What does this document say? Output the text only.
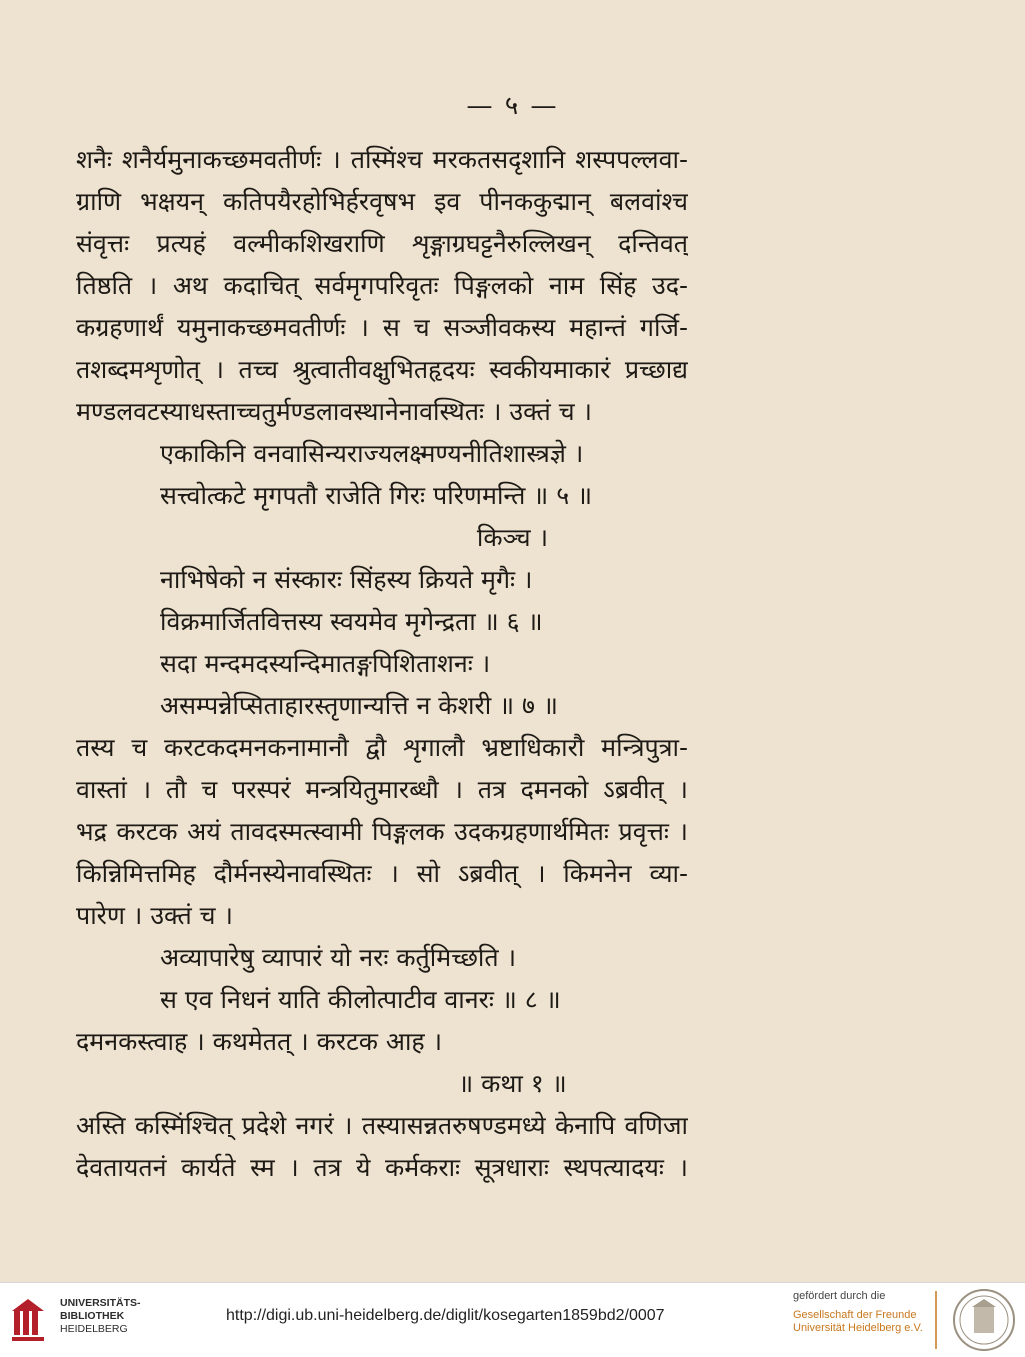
— ५ —
शनैः शनैर्यमुनाकच्छमवतीर्णः । तस्मिंश्च मरकतसदृशानि शस्पपल्लवा-
ग्राणि भक्षयन् कतिपयैरहोभिर्हरवृषभ इव पीनककुद्मान् बलवांश्च
संवृत्तः प्रत्यहं वल्मीकशिखराणि शृङ्गाग्रघट्टनैरुल्लिखन् दन्तिवत्
तिष्ठति । अथ कदाचित् सर्वमृगपरिवृतः पिङ्गलको नाम सिंह उद-
कग्रहणार्थं यमुनाकच्छमवतीर्णः । स च सञ्जीवकस्य महान्तं गर्जि-
तशब्दमशृणोत् । तच्च श्रुत्वातीवक्षुभितहृदयः स्वकीयमाकारं प्रच्छाद्य
मण्डलवटस्याधस्ताच्चतुर्मण्डलावस्थानेनावस्थितः । उक्तं च ।
एकाकिनि वनवासिन्यराज्यलक्ष्मण्यनीतिशास्त्रज्ञे ।
सत्त्वोत्कटे मृगपतौ राजेति गिरः परिणमन्ति ॥ ५ ॥
किञ्च ।
नाभिषेको न संस्कारः सिंहस्य क्रियते मृगैः ।
विक्रमार्जितवित्तस्य स्वयमेव मृगेन्द्रता ॥ ६ ॥
सदा मन्दमदस्यन्दिमातङ्गपिशिताशनः ।
असम्पन्नेप्सिताहारस्तृणान्यत्ति न केशरी ॥ ७ ॥
तस्य च करटकदमनकनामानौ द्वौ शृगालौ भ्रष्टाधिकारौ मन्त्रिपुत्रा-
वास्तां । तौ च परस्परं मन्त्रयितुमारब्धौ । तत्र दमनको ऽब्रवीत् ।
भद्र करटक अयं तावदस्मत्स्वामी पिङ्गलक उदकग्रहणार्थमितः प्रवृत्तः ।
किन्निमित्तमिह दौर्मनस्येनावस्थितः । सो ऽब्रवीत् । किमनेन व्या-
पारेण । उक्तं च ।
अव्यापारेषु व्यापारं यो नरः कर्तुमिच्छति ।
स एव निधनं याति कीलोत्पाटीव वानरः ॥ ८ ॥
दमनकस्त्वाह । कथमेतत् । करटक आह ।
॥ कथा १ ॥
अस्ति कस्मिंश्चित् प्रदेशे नगरं । तस्यासन्नतरुषण्डमध्ये केनापि वणिजा
देवतायतनं कार्यते स्म । तत्र ये कर्मकराः सूत्रधाराः स्थपत्यादयः ।
UNIVERSITÄTS-
BIBLIOTHEK
HEIDELBERG
http://digi.ub.uni-heidelberg.de/diglit/kosegarten1859bd2/0007
gefördert durch die
Gesellschaft der Freunde
Universität Heidelberg e.V.
